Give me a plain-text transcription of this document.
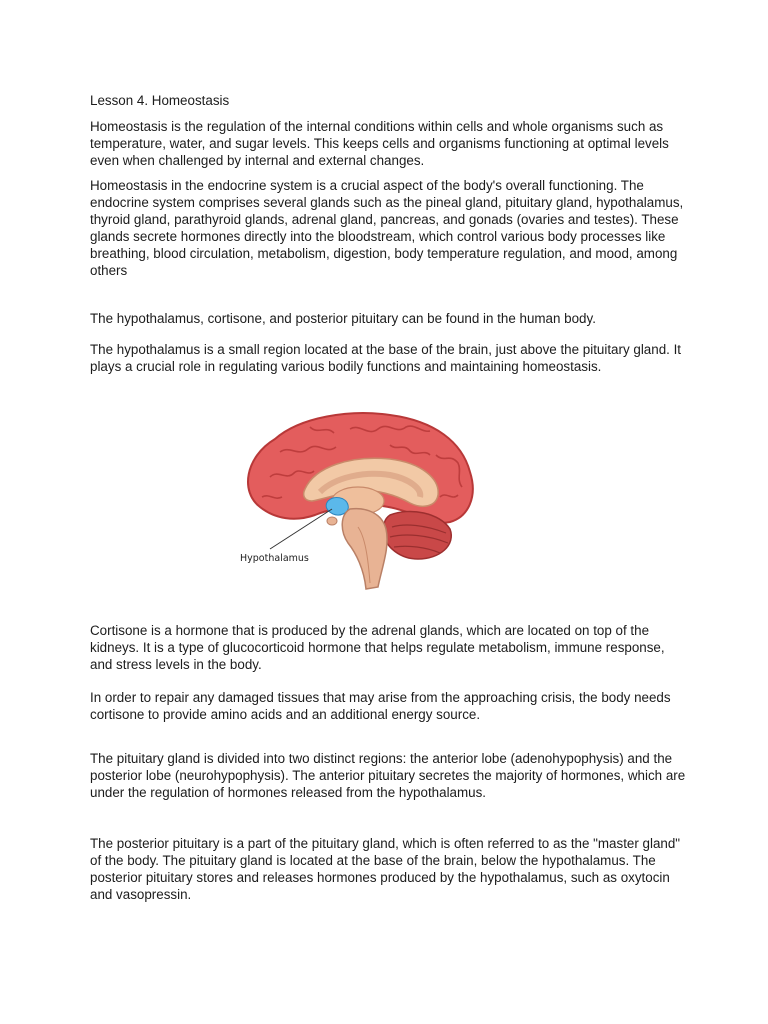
Lesson 4. Homeostasis

Homeostasis is the regulation of the internal conditions within cells and whole organisms such as temperature, water, and sugar levels. This keeps cells and organisms functioning at optimal levels even when challenged by internal and external changes.

Homeostasis in the endocrine system is a crucial aspect of the body's overall functioning. The endocrine system comprises several glands such as the pineal gland, pituitary gland, hypothalamus, thyroid gland, parathyroid glands, adrenal gland, pancreas, and gonads (ovaries and testes). These glands secrete hormones directly into the bloodstream, which control various body processes like breathing, blood circulation, metabolism, digestion, body temperature regulation, and mood, among others

The hypothalamus, cortisone, and posterior pituitary can be found in the human body.

The hypothalamus is a small region located at the base of the brain, just above the pituitary gland. It plays a crucial role in regulating various bodily functions and maintaining homeostasis.

Hypothalamus

Cortisone is a hormone that is produced by the adrenal glands, which are located on top of the kidneys. It is a type of glucocorticoid hormone that helps regulate metabolism, immune response, and stress levels in the body.

In order to repair any damaged tissues that may arise from the approaching crisis, the body needs cortisone to provide amino acids and an additional energy source.

The pituitary gland is divided into two distinct regions: the anterior lobe (adenohypophysis) and the posterior lobe (neurohypophysis). The anterior pituitary secretes the majority of hormones, which are under the regulation of hormones released from the hypothalamus.

The posterior pituitary is a part of the pituitary gland, which is often referred to as the "master gland" of the body. The pituitary gland is located at the base of the brain, below the hypothalamus. The posterior pituitary stores and releases hormones produced by the hypothalamus, such as oxytocin and vasopressin.
